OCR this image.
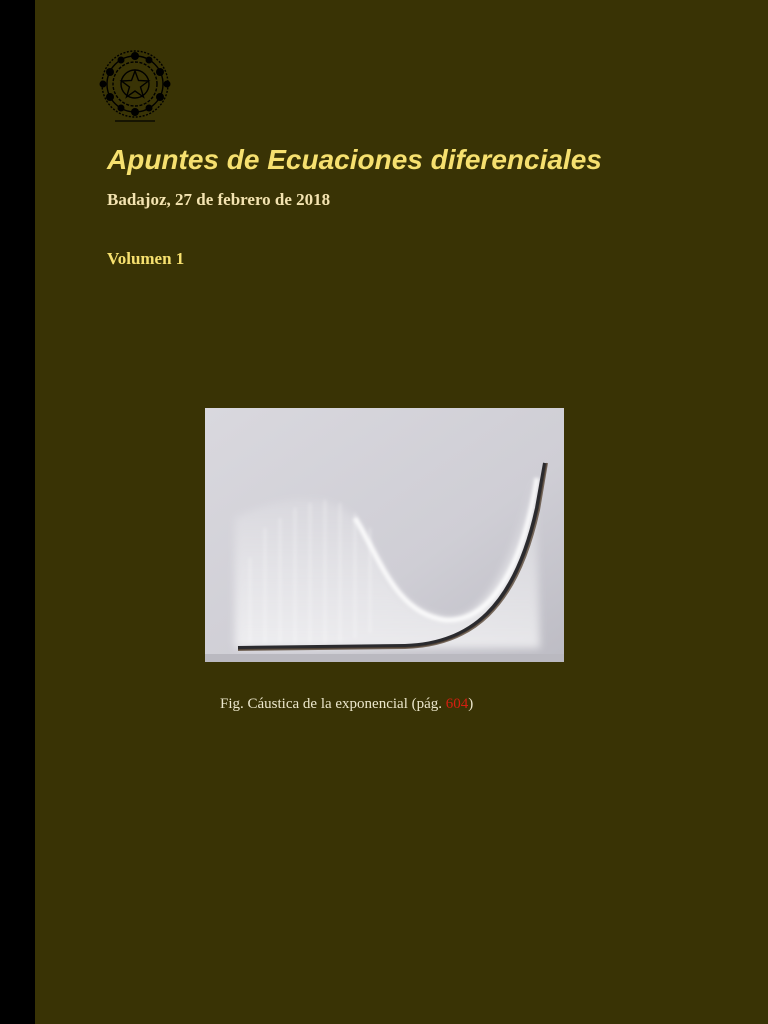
Apuntes de Ecuaciones diferenciales
Badajoz, 27 de febrero de 2018
Volumen 1
Fig. Cáustica de la exponencial (pág. 604)
